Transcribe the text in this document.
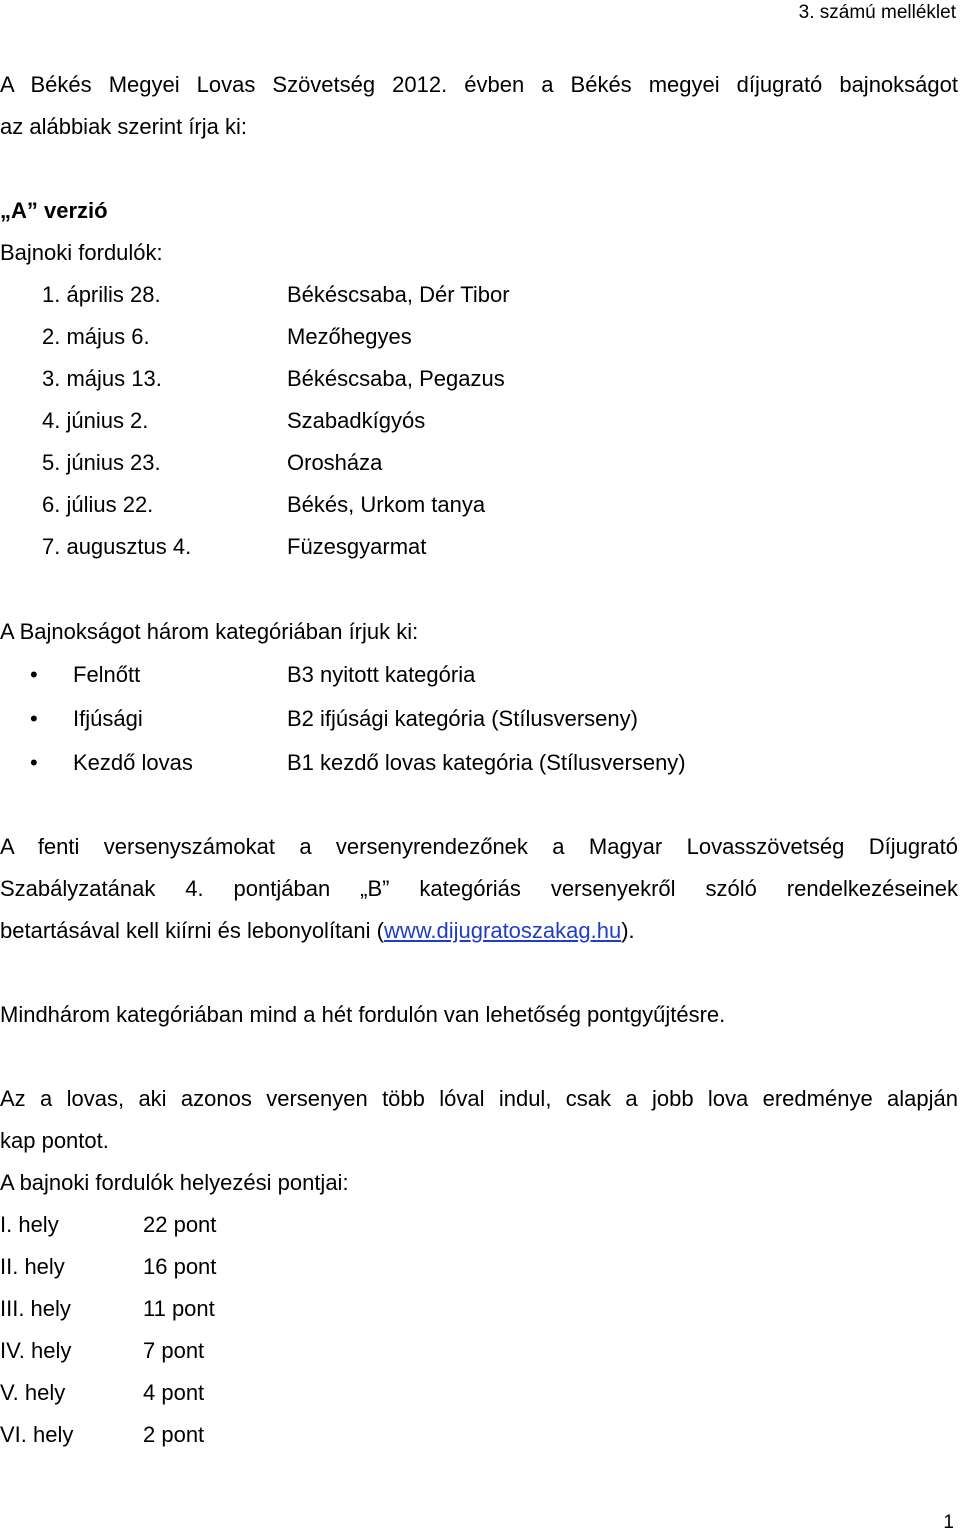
3. számú melléklet
A Békés Megyei Lovas Szövetség 2012. évben a Békés megyei díjugrató bajnokságot
az alábbiak szerint írja ki:
„A” verzió
Bajnoki fordulók:
1. április 28.	Békéscsaba, Dér Tibor
2. május 6.	Mezőhegyes
3. május 13.	Békéscsaba, Pegazus
4. június 2.	Szabadkígyós
5. június 23.	Orosháza
6. július 22.	Békés, Urkom tanya
7. augusztus 4.	Füzesgyarmat
A Bajnokságot három kategóriában írjuk ki:
• Felnőtt	B3 nyitott kategória
• Ifjúsági	B2 ifjúsági kategória (Stílusverseny)
• Kezdő lovas	B1 kezdő lovas kategória (Stílusverseny)
A fenti versenyszámokat a versenyrendezőnek a Magyar Lovasszövetség Díjugrató
Szabályzatának 4. pontjában „B” kategóriás versenyekről szóló rendelkezéseinek
betartásával kell kiírni és lebonyolítani (www.dijugratoszakag.hu).
Mindhárom kategóriában mind a hét fordulón van lehetőség pontgyűjtésre.
Az a lovas, aki azonos versenyen több lóval indul, csak a jobb lova eredménye alapján
kap pontot.
A bajnoki fordulók helyezési pontjai:
I. hely	22 pont
II. hely	16 pont
III. hely	11 pont
IV. hely	7 pont
V. hely	4 pont
VI. hely	2 pont
1
